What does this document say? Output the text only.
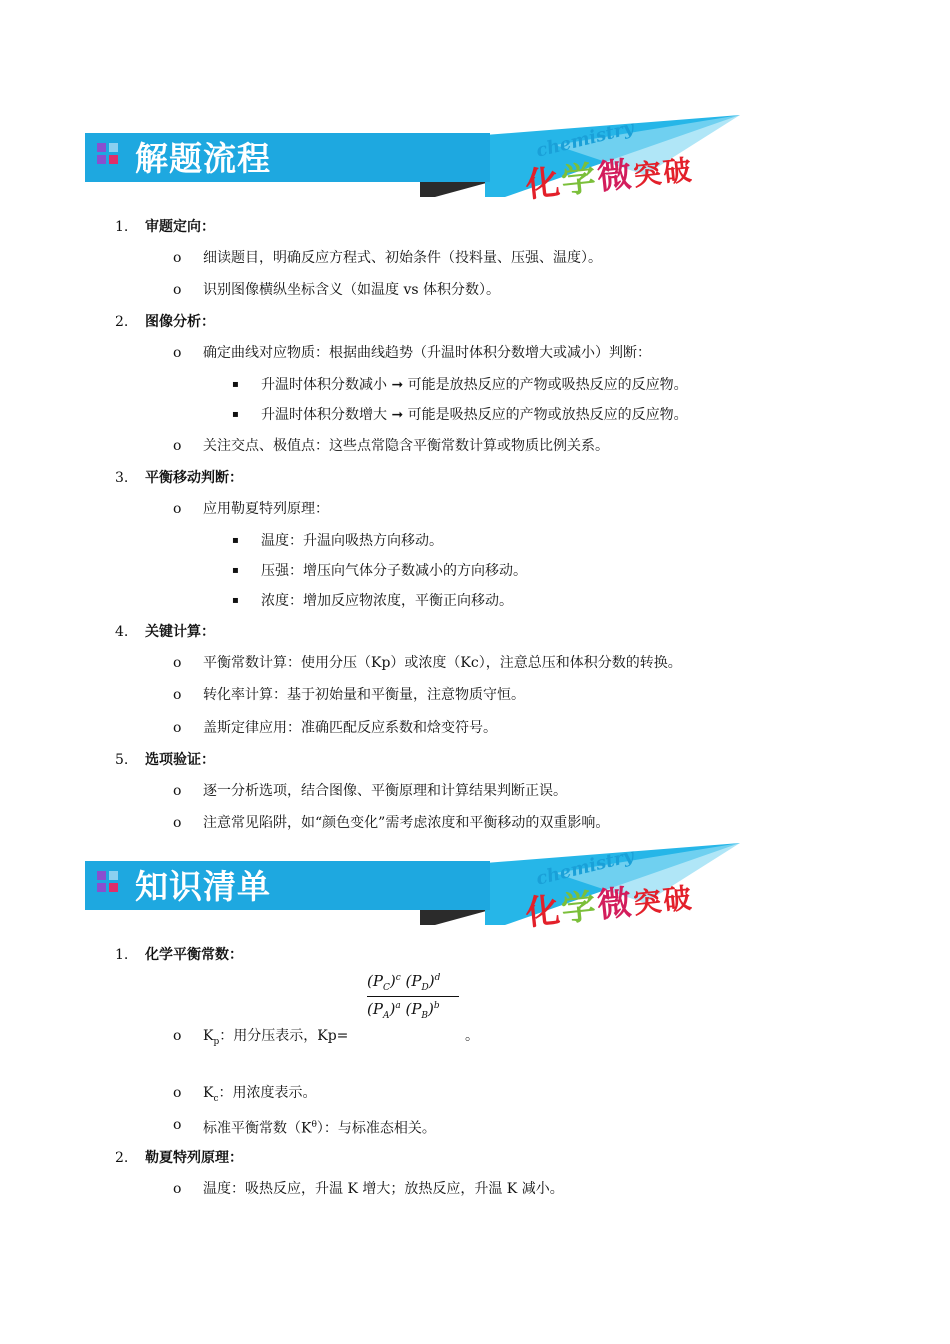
解题流程	chemistry
化学微突破
1. 审题定向：
o 细读题目，明确反应方程式、初始条件（投料量、压强、温度）。
o 识别图像横纵坐标含义（如温度 vs 体积分数）。
2. 图像分析：
o 确定曲线对应物质：根据曲线趋势（升温时体积分数增大或减小）判断：
▪ 升温时体积分数减小 ➞ 可能是放热反应的产物或吸热反应的反应物。
▪ 升温时体积分数增大 ➞ 可能是吸热反应的产物或放热反应的反应物。
o 关注交点、极值点：这些点常隐含平衡常数计算或物质比例关系。
3. 平衡移动判断：
o 应用勒夏特列原理：
▪ 温度：升温向吸热方向移动。
▪ 压强：增压向气体分子数减小的方向移动。
▪ 浓度：增加反应物浓度，平衡正向移动。
4. 关键计算：
o 平衡常数计算：使用分压（Kp）或浓度（Kc），注意总压和体积分数的转换。
o 转化率计算：基于初始量和平衡量，注意物质守恒。
o 盖斯定律应用：准确匹配反应系数和焓变符号。
5. 选项验证：
o 逐一分析选项，结合图像、平衡原理和计算结果判断正误。
o 注意常见陷阱，如“颜色变化”需考虑浓度和平衡移动的双重影响。
知识清单	chemistry
化学微突破
1. 化学平衡常数：
$(P_C)^c$ $(P_D)^d$
$(P_A)^a$ $(P_B)^b$
o $K_p$：用分压表示，Kp=	。
o $K_c$：用浓度表示。
o 标准平衡常数$(K^\theta)$：与标准态相关。
2. 勒夏特列原理：
o 温度：吸热反应，升温 K 增大；放热反应，升温 K 减小。
